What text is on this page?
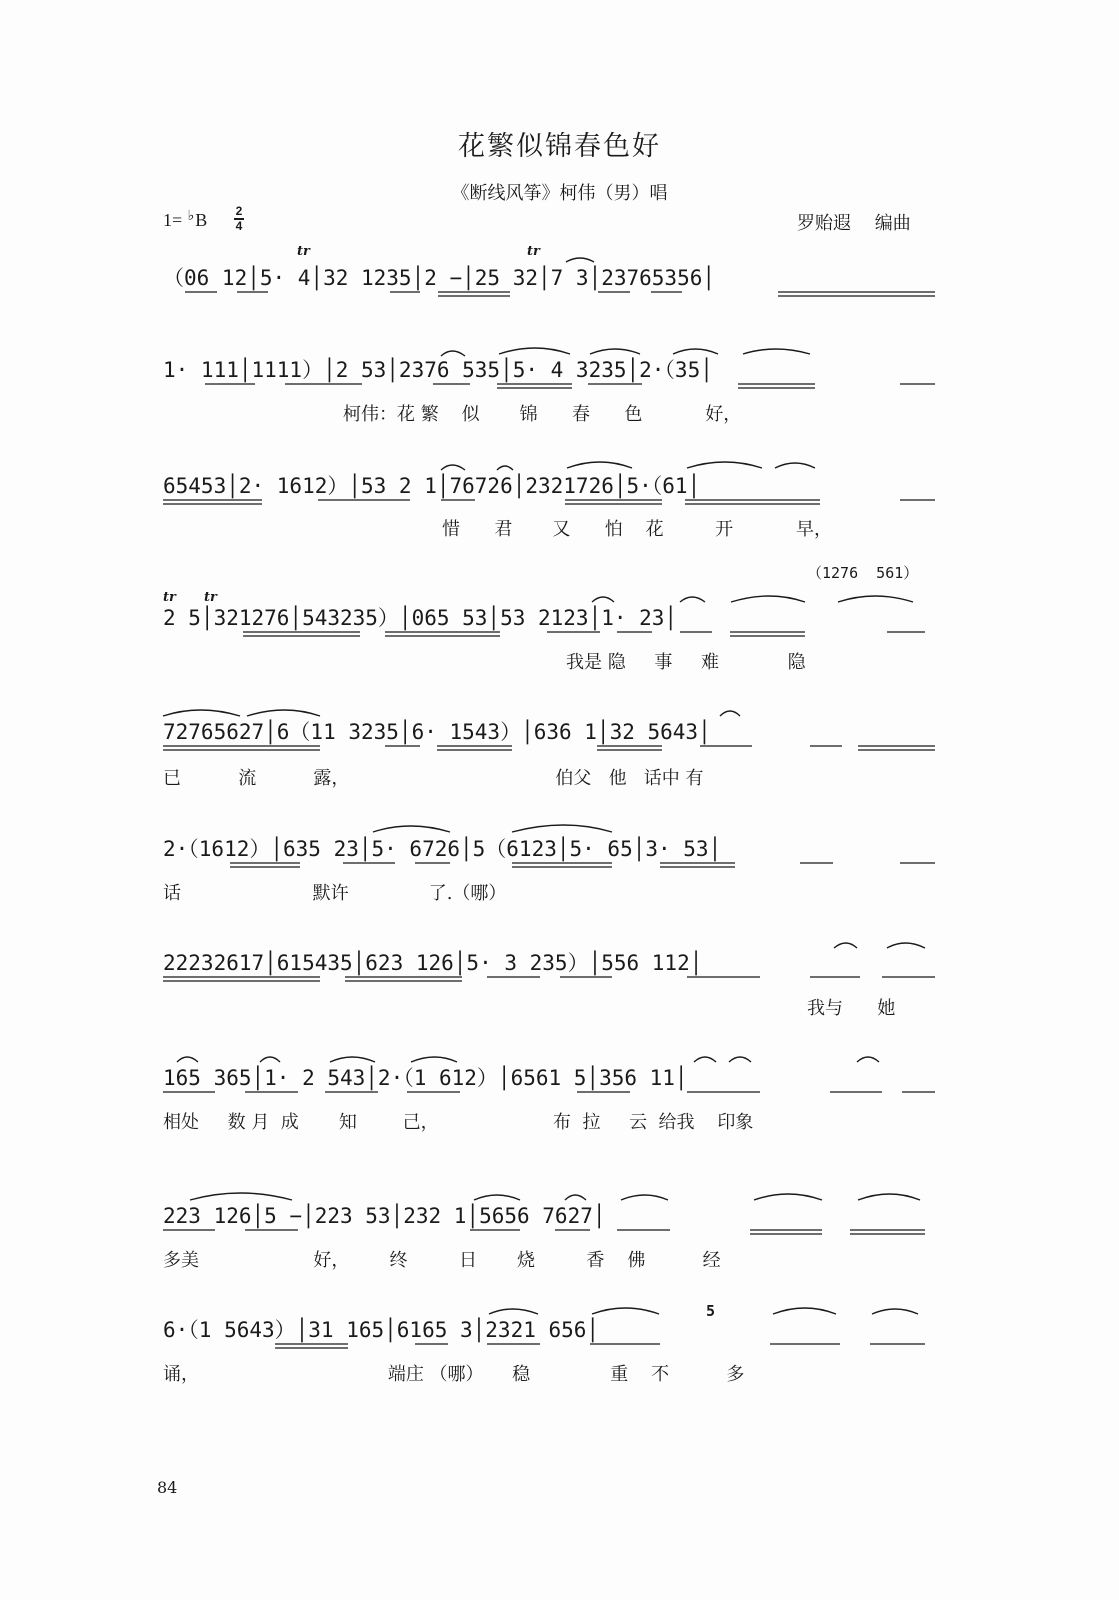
花繁似锦春色好
《断线风筝》柯伟（男）唱
1= ♭B 2
4	罗贻遐 编曲
tr	tr
tr tr
（06 12│5· 4│32 1235│2 −│25 32│7 3│23765356│
1· 111│1111）│2 53│2376 535│5· 4 3235│2·（35│
柯伟：花 繁    似       锦      春      色           好，
65453│2· 1612）│53 2 1│76726│2321726│5·（61│
惜      君       又      怕    花         开           早，
（1276  561）
2 5│321276│543235）│065 53│53 2123│1· 23│
我是 隐     事     难            隐
72765627│6（11 3235│6· 1543）│636 1│32 5643│
已          流          露，                                    伯父   他   话中 有
2·（1612）│635 23│5· 6726│5（6123│5· 65│3· 53│
话                       默许              了.（哪）
22232617│615435│623 126│5· 3 235）│556 112│
我与      她
165 365│1· 2 543│2·（1 612）│6561 5│356 11│
相处     数 月  成       知        己，                    布  拉     云  给我    印象
223 126│5 −│223 53│232 1│5656 7627│
多美                    好，       终         日       烧         香    佛          经
5
6·（1 5643）│31 165│6165 3│2321 656│
诵，                                 端庄 （哪）     稳              重    不          多
84
